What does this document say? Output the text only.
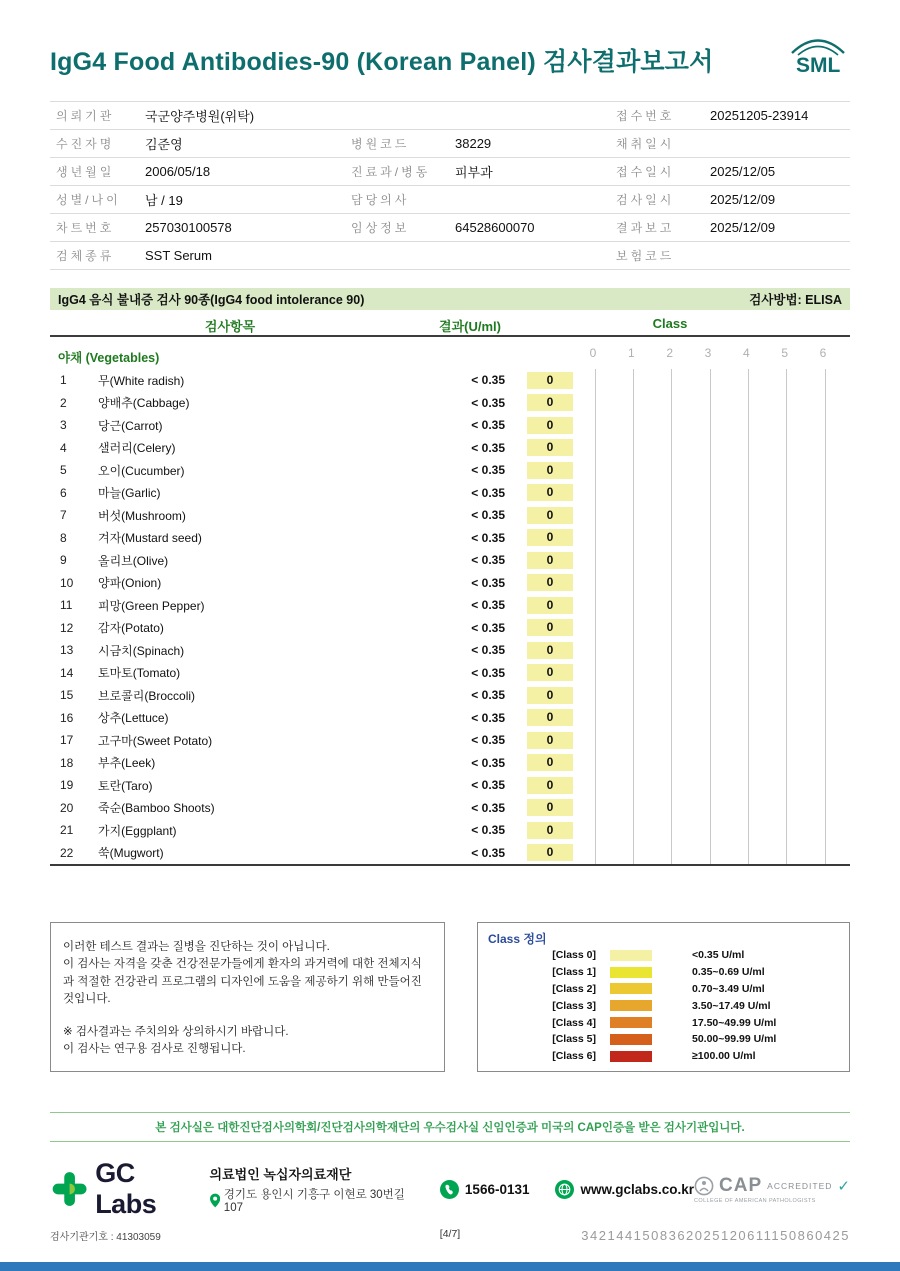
IgG4 Food Antibodies-90 (Korean Panel) 검사결과보고서	SML
의뢰기관	국군양주병원(위탁)	접수번호	20251205-23914
수진자명	김준영	병원코드	38229	채취일시
생년월일	2006/05/18	진료과/병동	피부과	접수일시	2025/12/05
성별/나이	남 / 19	담당의사	검사일시	2025/12/09
차트번호	257030100578	임상정보	64528600070	결과보고	2025/12/09
검체종류	SST Serum	보험코드
IgG4 음식 불내증 검사 90종(IgG4 food intolerance 90)	검사방법: ELISA
검사항목	결과(U/ml)	Class
야채 (Vegetables)	0	1	2	3	4	5	6
1	무(White radish)	< 0.35	0
2	양배추(Cabbage)	< 0.35	0
3	당근(Carrot)	< 0.35	0
4	샐러리(Celery)	< 0.35	0
5	오이(Cucumber)	< 0.35	0
6	마늘(Garlic)	< 0.35	0
7	버섯(Mushroom)	< 0.35	0
8	겨자(Mustard seed)	< 0.35	0
9	올리브(Olive)	< 0.35	0
10	양파(Onion)	< 0.35	0
11	피망(Green Pepper)	< 0.35	0
12	감자(Potato)	< 0.35	0
13	시금치(Spinach)	< 0.35	0
14	토마토(Tomato)	< 0.35	0
15	브로콜리(Broccoli)	< 0.35	0
16	상추(Lettuce)	< 0.35	0
17	고구마(Sweet Potato)	< 0.35	0
18	부추(Leek)	< 0.35	0
19	토란(Taro)	< 0.35	0
20	죽순(Bamboo Shoots)	< 0.35	0
21	가지(Eggplant)	< 0.35	0
22	쑥(Mugwort)	< 0.35	0

이러한 테스트 결과는 질병을 진단하는 것이 아닙니다.

이 검사는 자격을 갖춘 건강전문가들에게 환자의 과거력에 대한 전체지식과 적절한 건강관리 프로그램의 디자인에 도움을 제공하기 위해 만들어진 것입니다.

※ 검사결과는 주치의와 상의하시기 바랍니다.

이 검사는 연구용 검사로 진행됩니다.

Class 정의
[Class 0]	<0.35 U/ml
[Class 1]	0.35~0.69 U/ml
[Class 2]	0.70~3.49 U/ml
[Class 3]	3.50~17.49 U/ml
[Class 4]	17.50~49.99 U/ml
[Class 5]	50.00~99.99 U/ml
[Class 6]	≥100.00 U/ml
본 검사실은 대한진단검사의학회/진단검사의학재단의 우수검사실 신임인증과 미국의 CAP인증을 받은 검사기관입니다.
GC Labs
의료법인 녹십자의료재단
경기도 용인시 기흥구 이현로 30번길 107
1566-0131	www.gclabs.co.kr CAP ACCREDITED ✓
COLLEGE OF AMERICAN PATHOLOGISTS
검사기관기호 : 41303059	[4/7]	3421441508362025120611150860425
